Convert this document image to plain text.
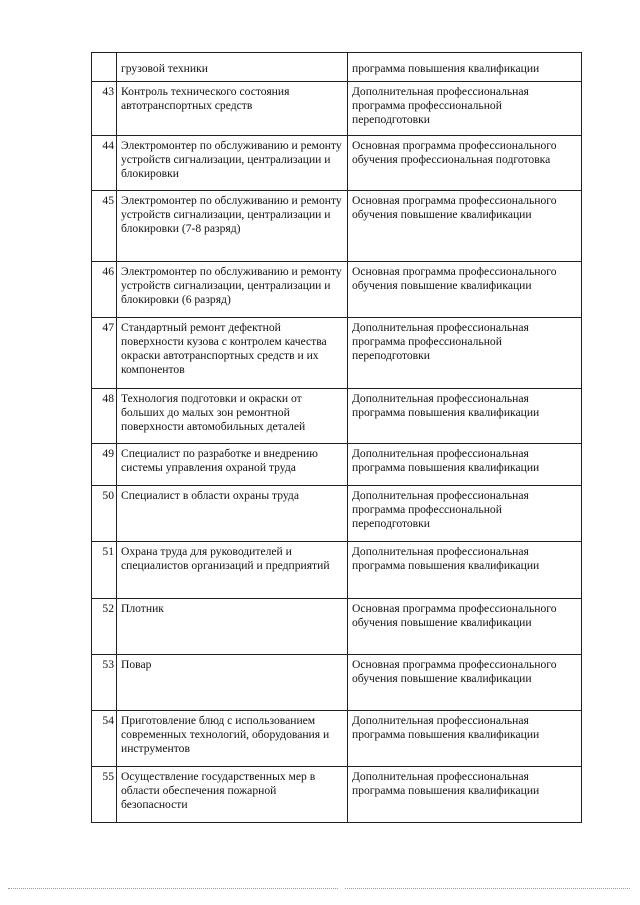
	грузовой техники	программа повышения квалификации
43	Контроль технического состояния автотранспортных средств	Дополнительная профессиональная программа профессиональной переподготовки
44	Электромонтер по обслуживанию и ремонту устройств сигнализации, централизации и блокировки	Основная программа профессионального обучения профессиональная подготовка
45	Электромонтер по обслуживанию и ремонту устройств сигнализации, централизации и блокировки (7-8 разряд)	Основная программа профессионального обучения повышение квалификации
46	Электромонтер по обслуживанию и ремонту устройств сигнализации, централизации и блокировки (6 разряд)	Основная программа профессионального обучения повышение квалификации
47	Стандартный ремонт дефектной поверхности кузова с контролем качества окраски автотранспортных средств и их компонентов	Дополнительная профессиональная программа профессиональной переподготовки
48	Технология подготовки и окраски от больших до малых зон ремонтной поверхности автомобильных деталей	Дополнительная профессиональная программа повышения квалификации
49	Специалист по разработке и внедрению системы управления охраной труда	Дополнительная профессиональная программа повышения квалификации
50	Специалист в области охраны труда	Дополнительная профессиональная программа профессиональной переподготовки
51	Охрана труда для руководителей и специалистов организаций и предприятий	Дополнительная профессиональная программа повышения квалификации
52	Плотник	Основная программа профессионального обучения повышение квалификации
53	Повар	Основная программа профессионального обучения повышение квалификации
54	Приготовление блюд с использованием современных технологий, оборудования и инструментов	Дополнительная профессиональная программа повышения квалификации
55	Осуществление государственных мер в области обеспечения пожарной безопасности	Дополнительная профессиональная программа повышения квалификации
